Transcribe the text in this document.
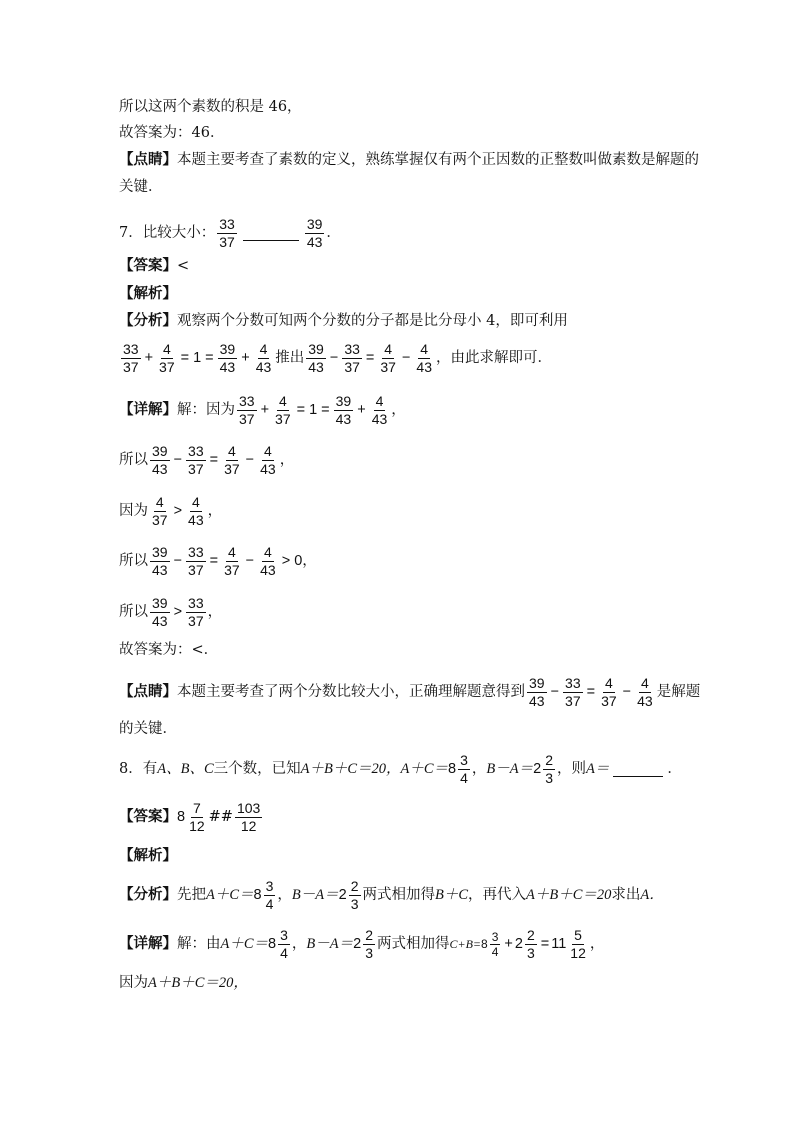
所以这两个素数的积是 46，
故答案为：46．
【点睛】 本题主要考查了素数的定义，熟练掌握仅有两个正因数的正整数叫做素数是解题的
关键．
7．比较大小： $\frac{33}{37}$	$\frac{39}{43}$ ．
【答案】 <
【解析】
【分析】 观察两个分数可知两个分数的分子都是比分母小 4，即可利用
$\frac{33}{37} + \frac{4}{37} = 1 = \frac{39}{43} + \frac{4}{43}$ 推出 $\frac{39}{43} - \frac{33}{37} = \frac{4}{37} - \frac{4}{43}$ ，由此求解即可．
【详解】 解：因为 $\frac{33}{37} + \frac{4}{37} = 1 = \frac{39}{43} + \frac{4}{43}$ ，
所以 $\frac{39}{43} - \frac{33}{37} = \frac{4}{37} - \frac{4}{43}$ ，
因为 $\frac{4}{37} > \frac{4}{43}$ ，
所以 $\frac{39}{43} - \frac{33}{37} = \frac{4}{37} - \frac{4}{43} > 0$，
所以 $\frac{39}{43} > \frac{33}{37}$ ，
故答案为：<．
【点睛】 本题主要考查了两个分数比较大小，正确理解题意得到 $\frac{39}{43} - \frac{33}{37} = \frac{4}{37} - \frac{4}{43}$ 是解题
的关键．
8．有 A、B、C 三个数，已知 A＋B＋C＝20， $A+C= 8 \frac{3}{4}$ ， $B-A= 2 \frac{2}{3}$ ，则 A＝	．
【答案】 $8 \frac{7}{12}$ ## $\frac{103}{12}$
【解析】
【分析】 先把 $A+C= 8 \frac{3}{4}$ ， $B-A= 2 \frac{2}{3}$ 两式相加得 B＋C ，再代入 A＋B＋C＝20 求出 A．
【详解】 解：由 $A+C= 8 \frac{3}{4}$ ， $B-A= 2 \frac{2}{3}$ 两式相加得 $C+B= 8 \frac{3}{4} + 2 \frac{2}{3} = 11 \frac{5}{12}$ ，
因为 A＋B＋C＝20，
